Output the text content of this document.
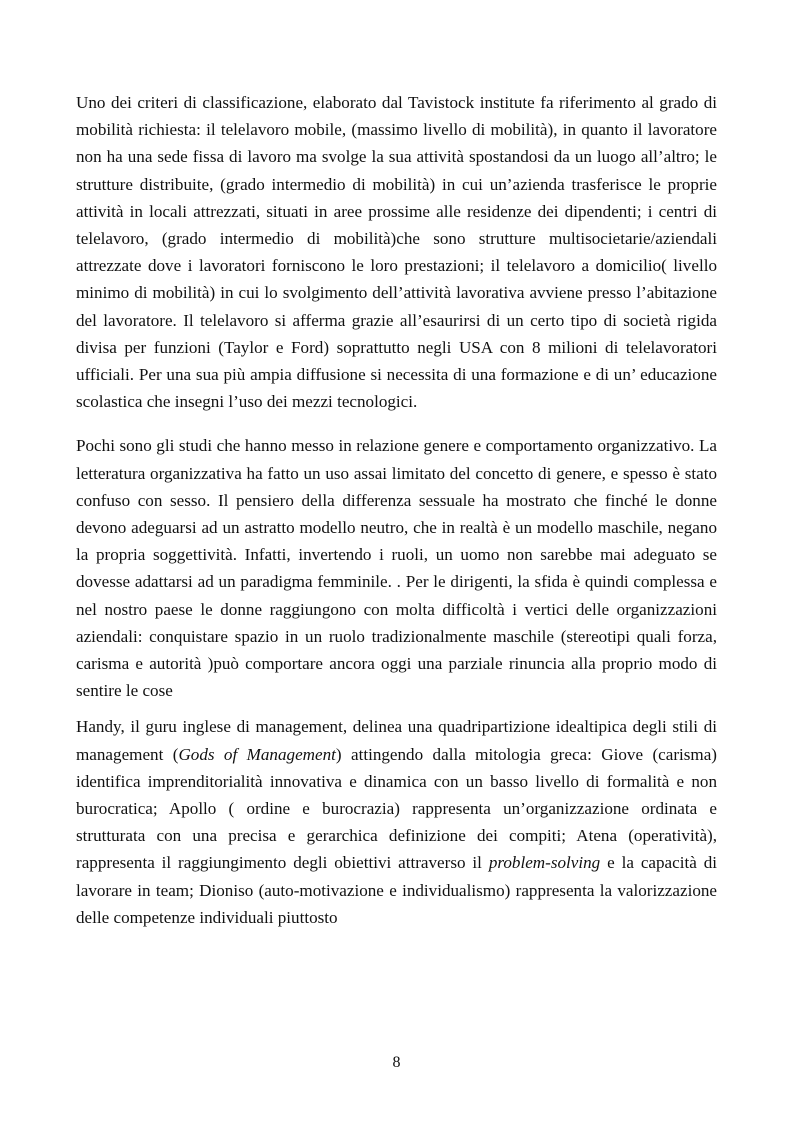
Uno dei criteri di classificazione, elaborato dal Tavistock institute fa riferimento al grado di mobilità richiesta: il telelavoro mobile, (massimo livello di mobilità), in quanto il lavoratore non ha una sede fissa di lavoro ma svolge la sua attività spostandosi da un luogo all’altro; le strutture distribuite, (grado intermedio di mobilità) in cui un’azienda trasferisce le proprie attività in locali attrezzati, situati in aree prossime alle residenze dei dipendenti; i centri di telelavoro, (grado intermedio di mobilità)che sono strutture multisocietarie/aziendali attrezzate dove i lavoratori forniscono le loro prestazioni; il telelavoro a domicilio( livello minimo di mobilità) in cui lo svolgimento dell’attività lavorativa avviene presso l’abitazione del lavoratore. Il telelavoro si afferma grazie all’esaurirsi di un certo tipo di società rigida divisa per funzioni (Taylor e Ford) soprattutto negli USA con 8 milioni di telelavoratori ufficiali. Per una sua più ampia diffusione si necessita di una formazione e di un’ educazione scolastica che insegni l’uso dei mezzi tecnologici.

Pochi sono gli studi che hanno messo in relazione genere e comportamento organizzativo. La letteratura organizzativa ha fatto un uso assai limitato del concetto di genere, e spesso è stato confuso con sesso. Il pensiero della differenza sessuale ha mostrato che finché le donne devono adeguarsi ad un astratto modello neutro, che in realtà è un modello maschile, negano la propria soggettività. Infatti, invertendo i ruoli, un uomo non sarebbe mai adeguato se dovesse adattarsi ad un paradigma femminile. . Per le dirigenti, la sfida è quindi complessa e nel nostro paese le donne raggiungono con molta difficoltà i vertici delle organizzazioni aziendali: conquistare spazio in un ruolo tradizionalmente maschile (stereotipi quali forza, carisma e autorità )può comportare ancora oggi una parziale rinuncia alla proprio modo di sentire le cose

Handy, il guru inglese di management, delinea una quadripartizione idealtipica degli stili di management (Gods of Management) attingendo dalla mitologia greca: Giove (carisma) identifica imprenditorialità innovativa e dinamica con un basso livello di formalità e non burocratica; Apollo ( ordine e burocrazia) rappresenta un’organizzazione ordinata e strutturata con una precisa e gerarchica definizione dei compiti; Atena (operatività), rappresenta il raggiungimento degli obiettivi attraverso il problem-solving e la capacità di lavorare in team; Dioniso (auto-motivazione e individualismo) rappresenta la valorizzazione delle competenze individuali piuttosto

8
